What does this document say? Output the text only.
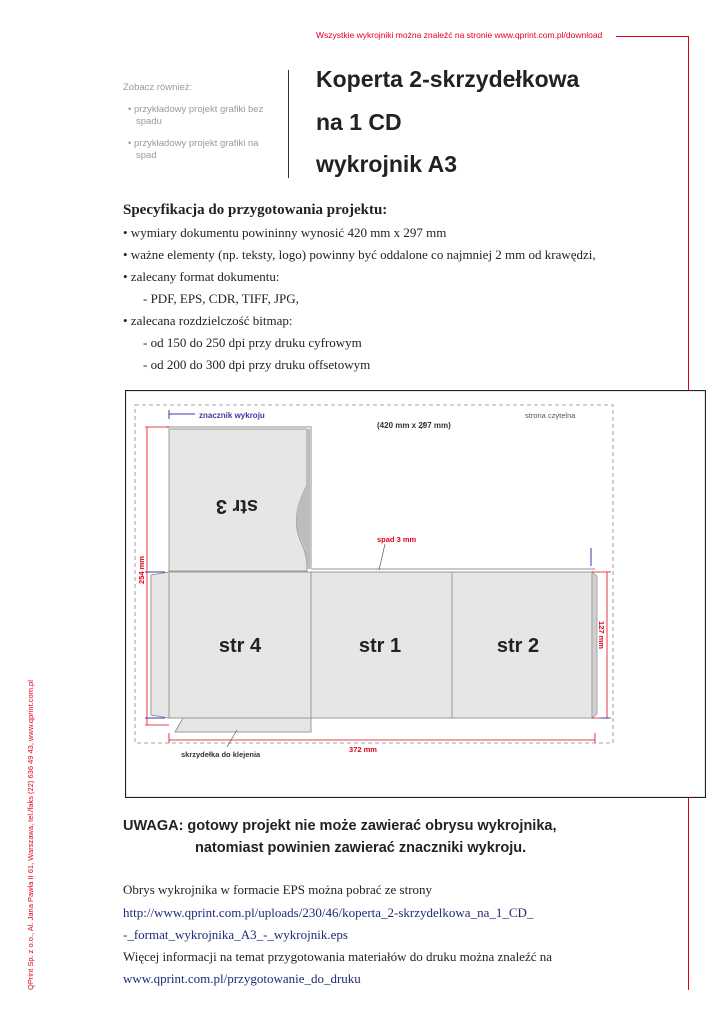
Wszystkie wykrojniki można znaleźć na stronie www.qprint.com.pl/download
Zobacz również:
• przykładowy projekt grafiki bez
spadu
• przykładowy projekt grafiki na
spad
Koperta 2-skrzydełkowa
na 1 CD
wykrojnik A3
Specyfikacja do przygotowania projektu:
• wymiary dokumentu powininny wynosić 420 mm x 297 mm
• ważne elementy (np. teksty, logo) powinny być oddalone co najmniej 2 mm od krawędzi,
• zalecany format dokumentu:
- PDF, EPS, CDR, TIFF, JPG,
• zalecana rozdzielczość bitmap:
- od 150 do 250 dpi przy druku cyfrowym
- od 200 do 300 dpi przy druku offsetowym
znacznik wykroju
(420 mm x 297 mm)
strona czytelna
spad 3 mm
str 3
str 4	str 1	str 2
254 mm
127 mm
372 mm
skrzydełka do klejenia
UWAGA: gotowy projekt nie może zawierać obrysu wykrojnika,
natomiast powinien zawierać znaczniki wykroju.
Obrys wykrojnika w formacie EPS można pobrać ze strony
http://www.qprint.com.pl/uploads/230/46/koperta_2-skrzydelkowa_na_1_CD_
-_format_wykrojnika_A3_-_wykrojnik.eps
Więcej informacji na temat przygotowania materiałów do druku można znaleźć na
www.qprint.com.pl/przygotowanie_do_druku
QPrint Sp. z o.o., Al. Jana Pawła II 61, Warszawa, tel./faks (22) 636 49 43, www.qprint.com.pl
